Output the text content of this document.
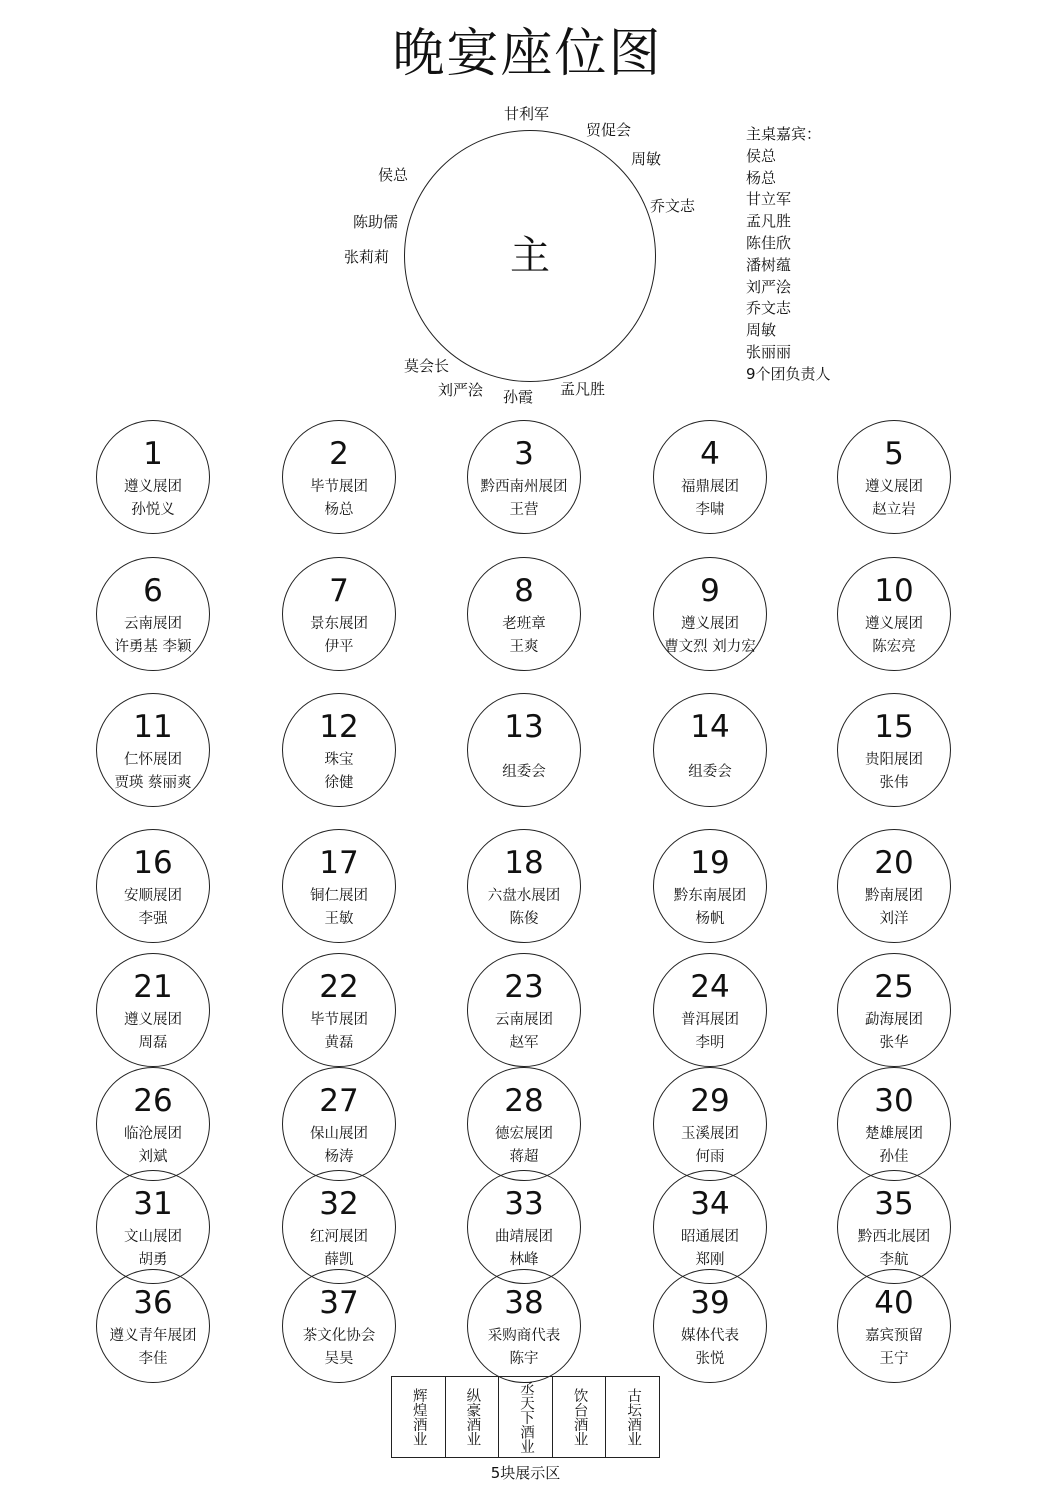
晚宴座位图
主
甘利军
贸促会
周敏
乔文志
孟凡胜
孙霞
刘严浍
莫会长
张莉莉
陈助儒
侯总
主桌嘉宾：
侯总
杨总
甘立军
孟凡胜
陈佳欣
潘树蕴
刘严浍
乔文志
周敏
张丽丽
9个团负责人
1
遵义展团
孙悦义
2
毕节展团
杨总
3
黔西南州展团
王营
4
福鼎展团
李啸
5
遵义展团
赵立岩
6
云南展团
许勇基 李颖
7
景东展团
伊平
8
老班章
王爽
9
遵义展团
曹文烈 刘力宏
10
遵义展团
陈宏亮
11
仁怀展团
贾瑛 蔡丽爽
12
珠宝
徐健
13
组委会
14
组委会
15
贵阳展团
张伟
16
安顺展团
李强
17
铜仁展团
王敏
18
六盘水展团
陈俊
19
黔东南展团
杨帆
20
黔南展团
刘洋
21
遵义展团
周磊
22
毕节展团
黄磊
23
云南展团
赵军
24
普洱展团
李明
25
勐海展团
张华
26
临沧展团
刘斌
27
保山展团
杨涛
28
德宏展团
蒋超
29
玉溪展团
何雨
30
楚雄展团
孙佳
31
文山展团
胡勇
32
红河展团
薛凯
33
曲靖展团
林峰
34
昭通展团
郑刚
35
黔西北展团
李航
36
遵义青年展团
李佳
37
茶文化协会
吴昊
38
采购商代表
陈宇
39
媒体代表
张悦
40
嘉宾预留
王宁
辉煌酒业	纵豪酒业	丞天下酒业	饮台酒业	古坛酒业
5块展示区
